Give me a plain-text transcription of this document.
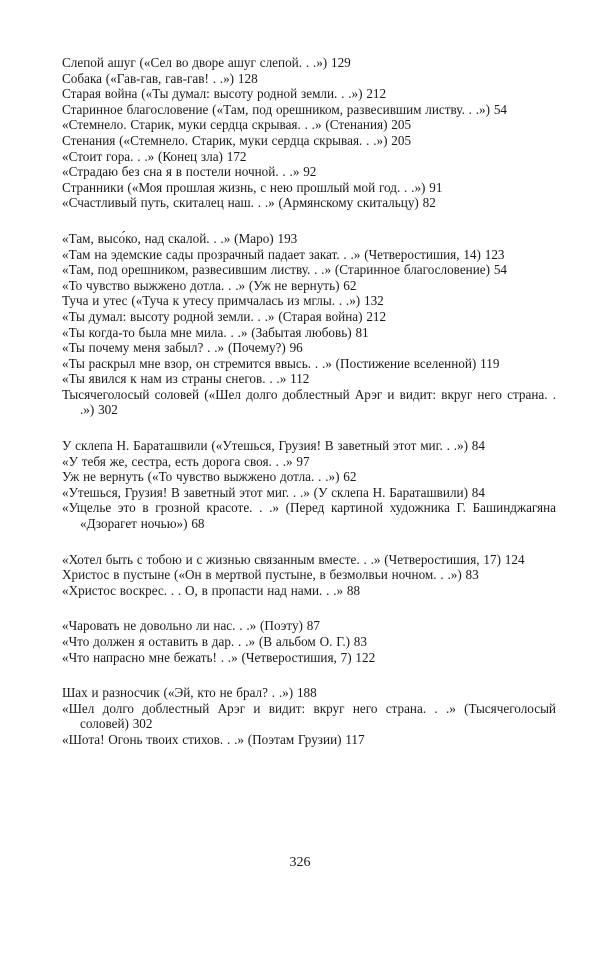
Слепой ашуг («Сел во дворе ашуг слепой. . .») 129

Собака («Гав-гав, гав-гав! . .») 128

Старая война («Ты думал: высоту родной земли. . .») 212

Старинное благословение («Там, под орешником, развесившим листву. . .») 54

«Стемнело. Старик, муки сердца скрывая. . .» (Стенания) 205

Стенания («Стемнело. Старик, муки сердца скрывая. . .») 205

«Стоит гора. . .» (Конец зла) 172

«Страдаю без сна я в постели ночной. . .» 92

Странники («Моя прошлая жизнь, с нею прошлый мой год. . .») 91

«Счастливый путь, скиталец наш. . .» (Армянскому скитальцу) 82

«Там, высо́ко, над скалой. . .» (Маро) 193

«Там на эдемские сады прозрачный падает закат. . .» (Четверостишия, 14) 123

«Там, под орешником, развесившим листву. . .» (Старинное благословение) 54

«То чувство выжжено дотла. . .» (Уж не вернуть) 62

Туча и утес («Туча к утесу примчалась из мглы. . .») 132

«Ты думал: высоту родной земли. . .» (Старая война) 212

«Ты когда-то была мне мила. . .» (Забытая любовь) 81

«Ты почему меня забыл? . .» (Почему?) 96

«Ты раскрыл мне взор, он стремится ввысь. . .» (Постижение вселенной) 119

«Ты явился к нам из страны снегов. . .» 112

Тысячеголосый соловей («Шел долго доблестный Арэг и видит: вкруг него страна. . .») 302

У склепа Н. Бараташвили («Утешься, Грузия! В заветный этот миг. . .») 84

«У тебя же, сестра, есть дорога своя. . .» 97

Уж не вернуть («То чувство выжжено дотла. . .») 62

«Утешься, Грузия! В заветный этот миг. . .» (У склепа Н. Бараташвили) 84

«Ущелье это в грозной красоте. . .» (Перед картиной художника Г. Башинджагяна «Дзорагет ночью») 68

«Хотел быть с тобою и с жизнью связанным вместе. . .» (Четверостишия, 17) 124

Христос в пустыне («Он в мертвой пустыне, в безмолвьи ночном. . .») 83

«Христос воскрес. . . О, в пропасти над нами. . .» 88

«Чаровать не довольно ли нас. . .» (Поэту) 87

«Что должен я оставить в дар. . .» (В альбом О. Г.) 83

«Что напрасно мне бежать! . .» (Четверостишия, 7) 122

Шах и разносчик («Эй, кто не брал? . .») 188

«Шел долго доблестный Арэг и видит: вкруг него страна. . .» (Тысячеголосый соловей) 302

«Шота! Огонь твоих стихов. . .» (Поэтам Грузии) 117

326
